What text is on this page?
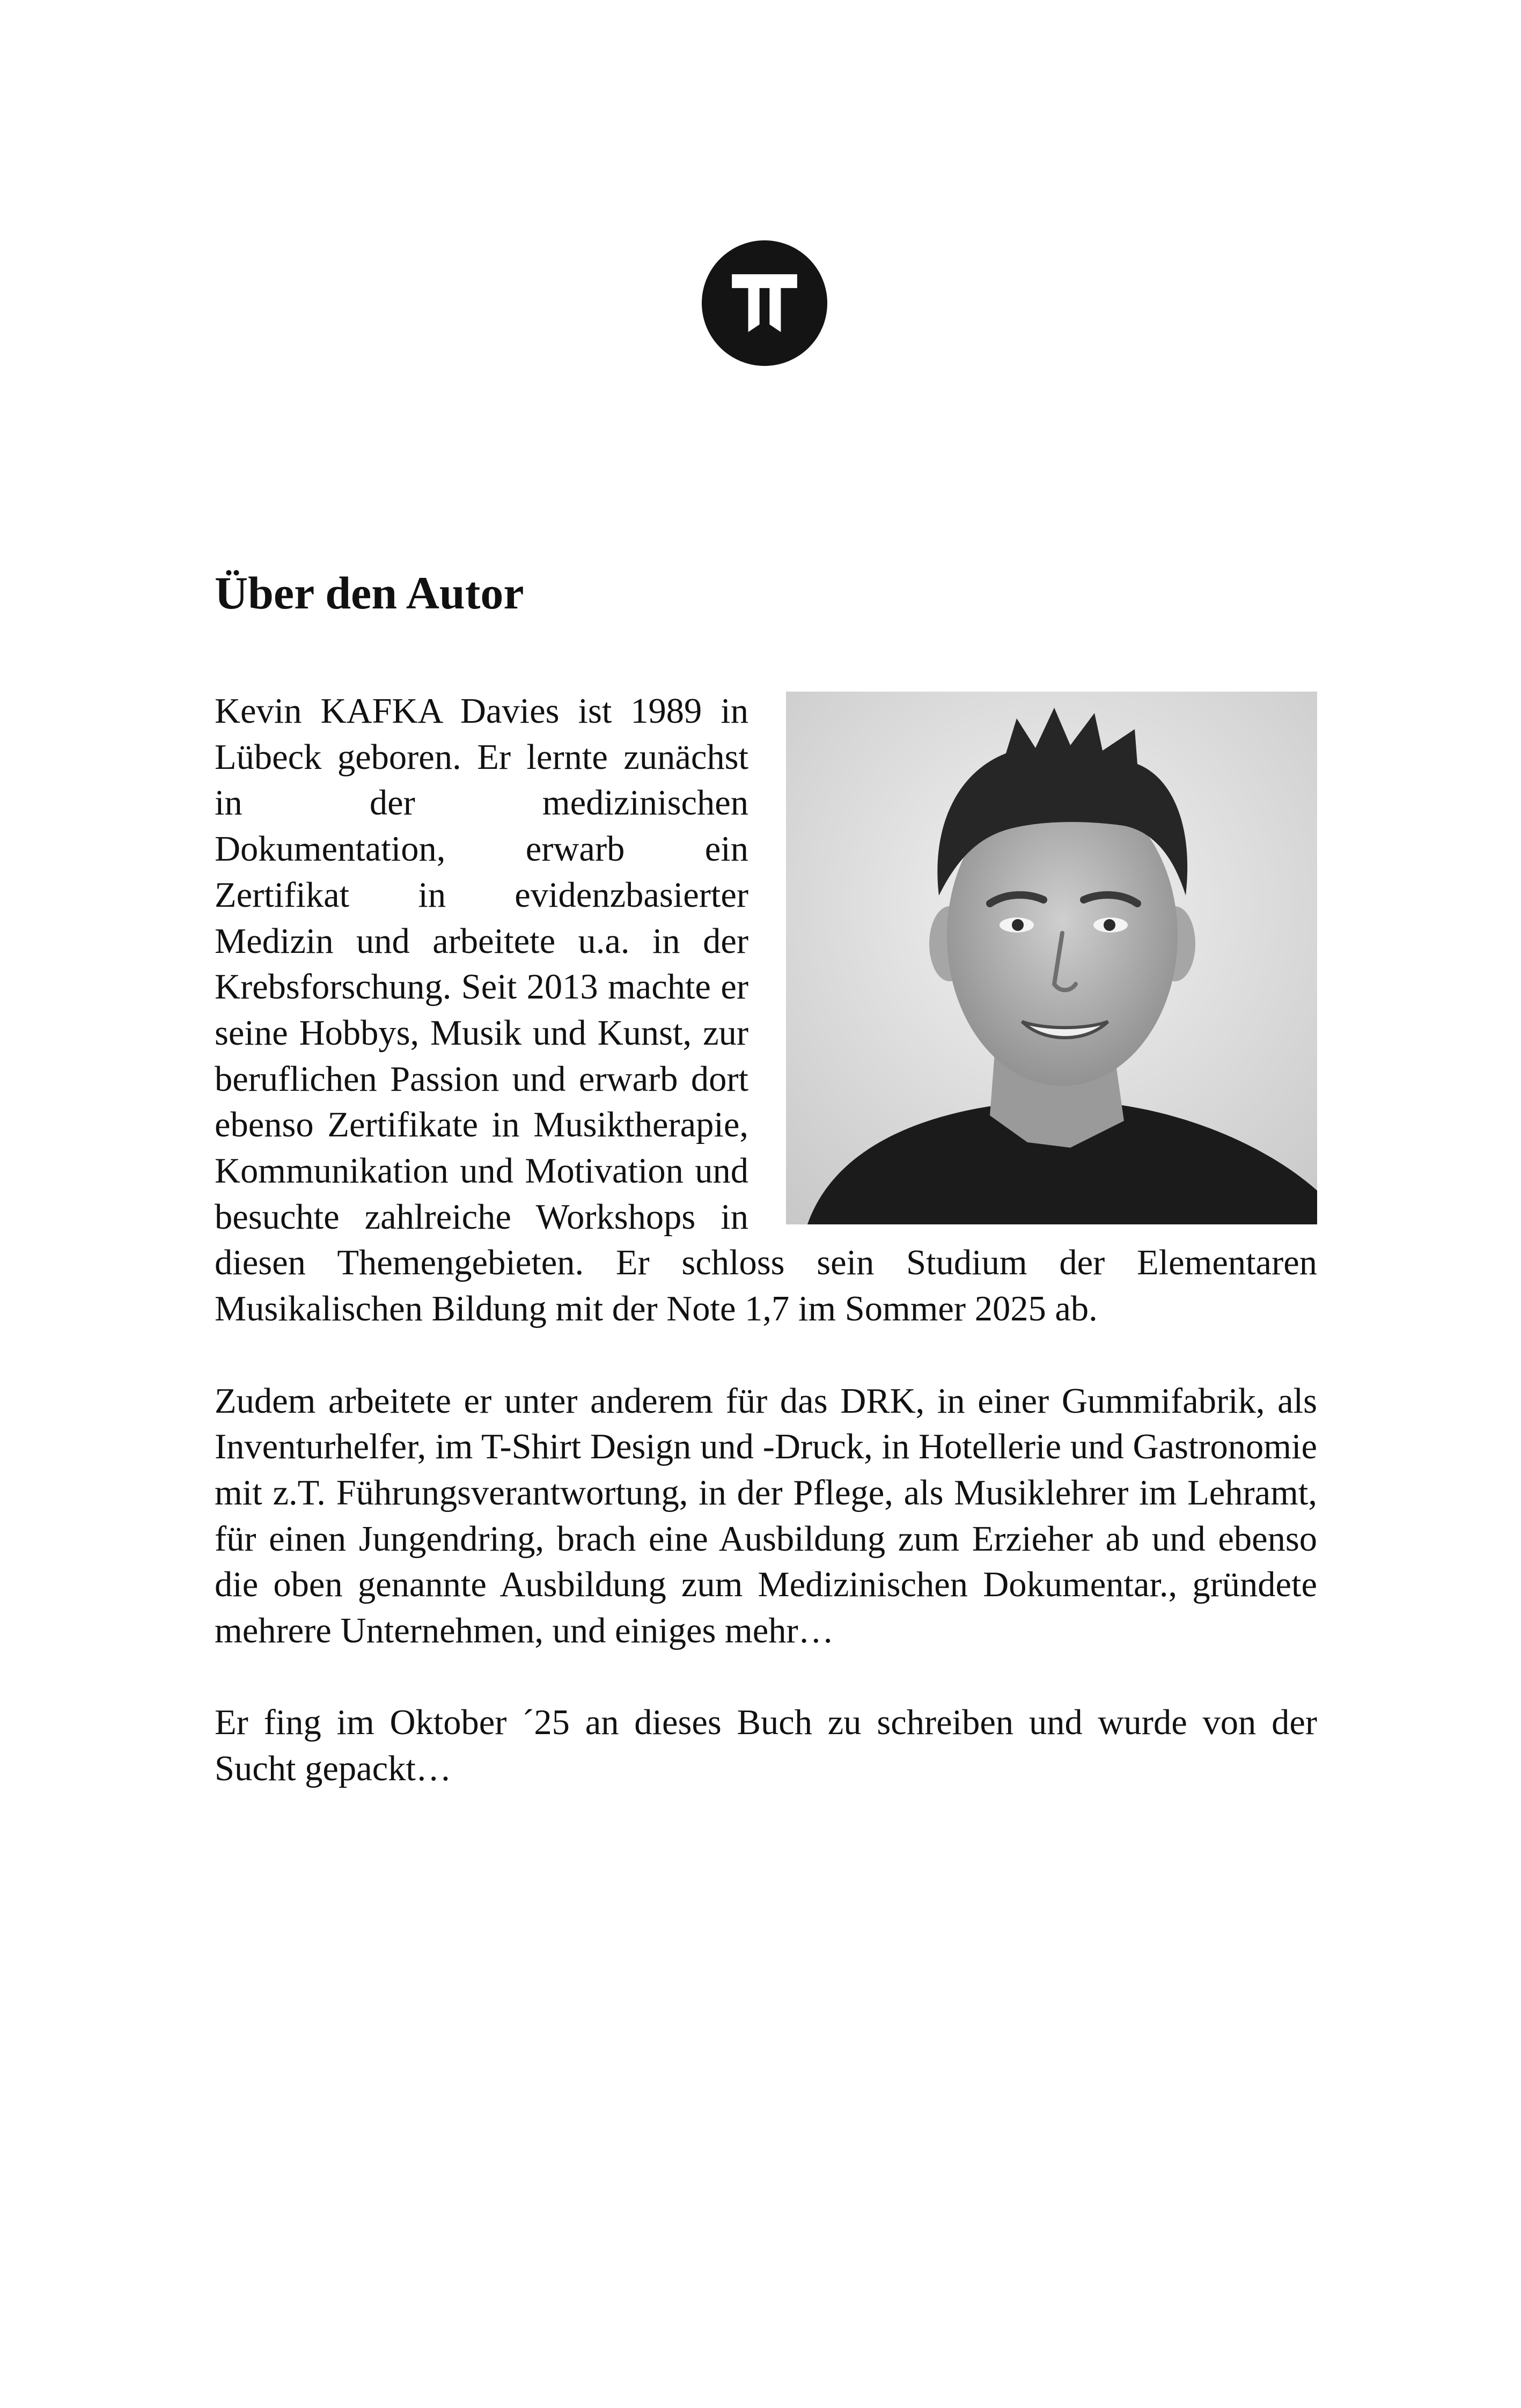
Über den Autor

Kevin KAFKA Davies ist 1989 in Lübeck geboren. Er lernte zunächst in der medizinischen Dokumentation, erwarb ein Zertifikat in evidenzbasierter Medizin und arbeitete u.a. in der Krebsforschung. Seit 2013 machte er seine Hobbys, Musik und Kunst, zur beruflichen Passion und erwarb dort ebenso Zertifikate in Musiktherapie, Kommunikation und Motivation und besuchte zahlreiche Workshops in diesen Themengebieten. Er schloss sein Studium der Elementaren Musikalischen Bildung mit der Note 1,7 im Sommer 2025 ab.

Zudem arbeitete er unter anderem für das DRK, in einer Gummifabrik, als Inventurhelfer, im T-Shirt Design und -Druck, in Hotellerie und Gastronomie mit z.T. Führungsverantwortung, in der Pflege, als Musiklehrer im Lehramt, für einen Jungendring, brach eine Ausbildung zum Erzieher ab und ebenso die oben genannte Ausbildung zum Medizinischen Dokumentar., gründete mehrere Unternehmen, und einiges mehr…

Er fing im Oktober ´25 an dieses Buch zu schreiben und wurde von der Sucht gepackt…
